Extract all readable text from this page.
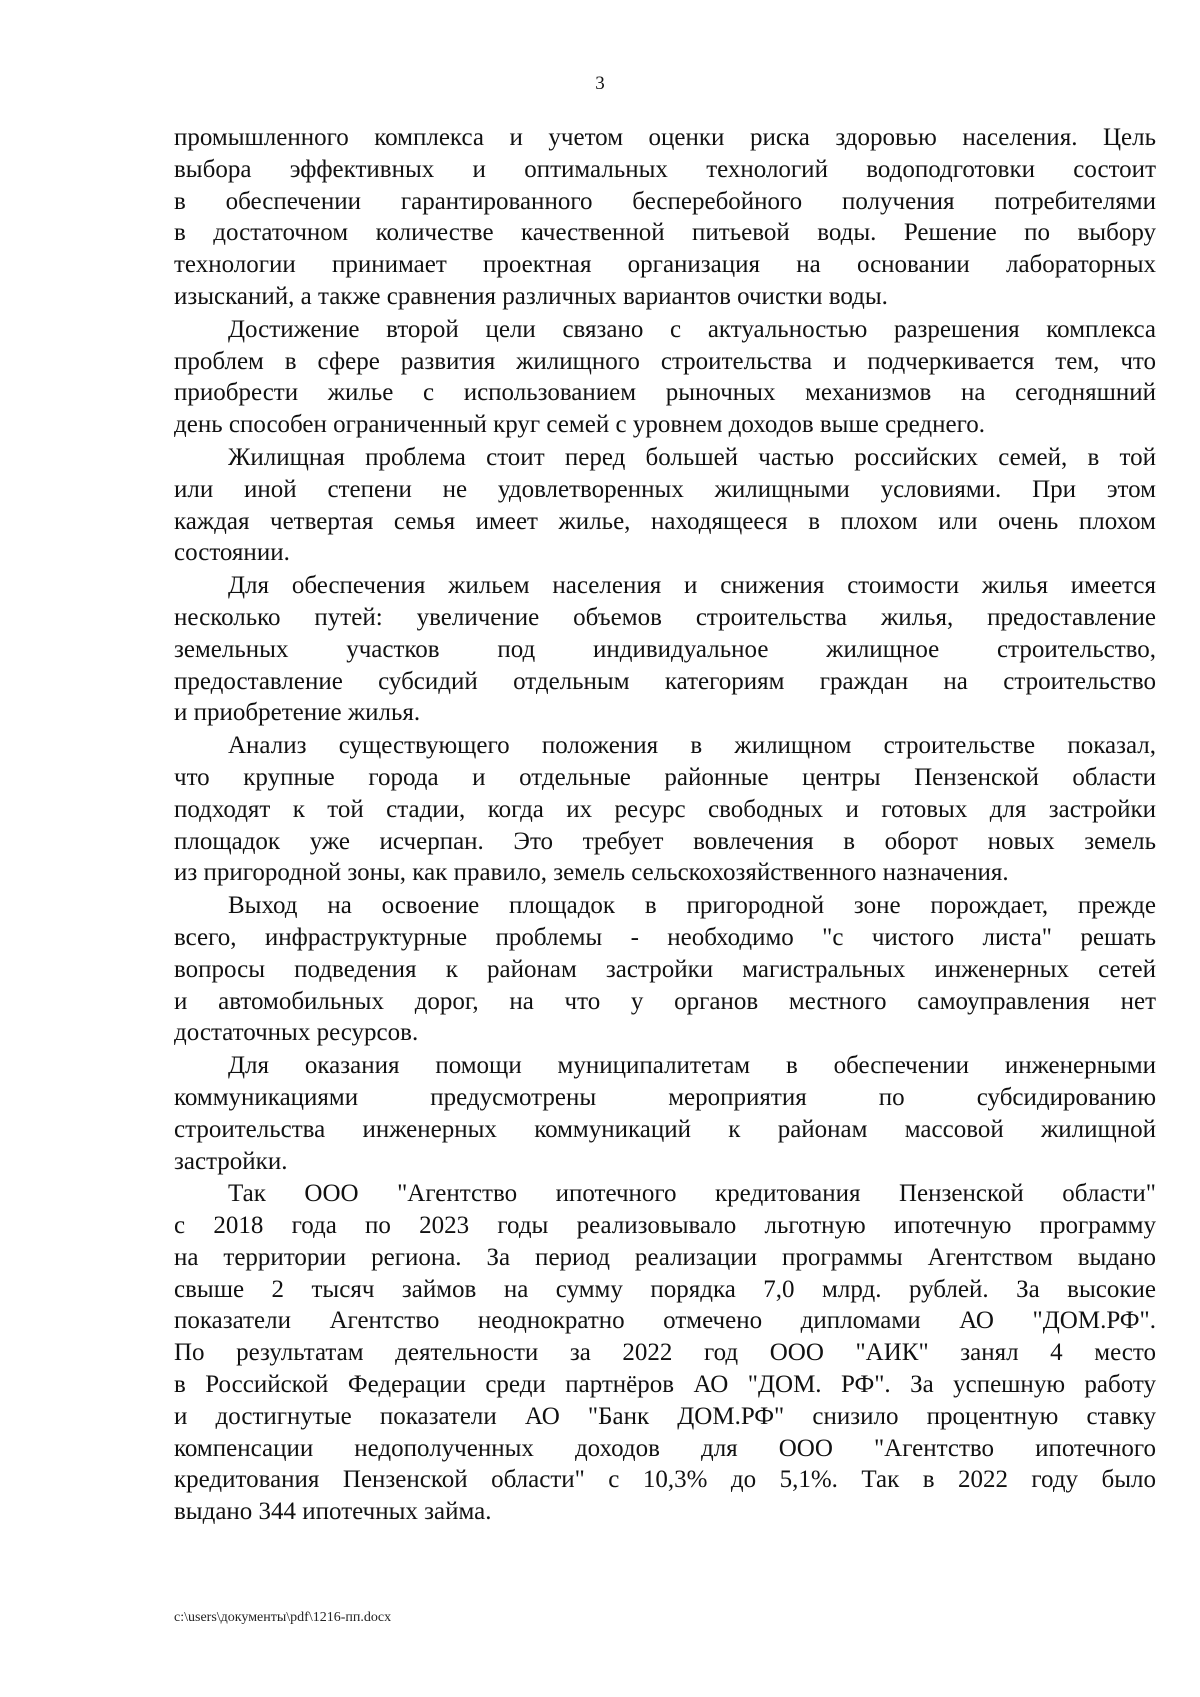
3
промышленного комплекса и учетом оценки риска здоровью населения. Цель
выбора эффективных и оптимальных технологий водоподготовки состоит
в обеспечении гарантированного бесперебойного получения потребителями
в достаточном количестве качественной питьевой воды. Решение по выбору
технологии принимает проектная организация на основании лабораторных
изысканий, а также сравнения различных вариантов очистки воды.
Достижение второй цели связано с актуальностью разрешения комплекса
проблем в сфере развития жилищного строительства и подчеркивается тем, что
приобрести жилье с использованием рыночных механизмов на сегодняшний
день способен ограниченный круг семей с уровнем доходов выше среднего.
Жилищная проблема стоит перед большей частью российских семей, в той
или иной степени не удовлетворенных жилищными условиями. При этом
каждая четвертая семья имеет жилье, находящееся в плохом или очень плохом
состоянии.
Для обеспечения жильем населения и снижения стоимости жилья имеется
несколько путей: увеличение объемов строительства жилья, предоставление
земельных участков под индивидуальное жилищное строительство,
предоставление субсидий отдельным категориям граждан на строительство
и приобретение жилья.
Анализ существующего положения в жилищном строительстве показал,
что крупные города и отдельные районные центры Пензенской области
подходят к той стадии, когда их ресурс свободных и готовых для застройки
площадок уже исчерпан. Это требует вовлечения в оборот новых земель
из пригородной зоны, как правило, земель сельскохозяйственного назначения.
Выход на освоение площадок в пригородной зоне порождает, прежде
всего, инфраструктурные проблемы - необходимо "с чистого листа" решать
вопросы подведения к районам застройки магистральных инженерных сетей
и автомобильных дорог, на что у органов местного самоуправления нет
достаточных ресурсов.
Для оказания помощи муниципалитетам в обеспечении инженерными
коммуникациями предусмотрены мероприятия по субсидированию
строительства инженерных коммуникаций к районам массовой жилищной
застройки.
Так ООО "Агентство ипотечного кредитования Пензенской области"
с 2018 года по 2023 годы реализовывало льготную ипотечную программу
на территории региона. За период реализации программы Агентством выдано
свыше 2 тысяч займов на сумму порядка 7,0 млрд. рублей. За высокие
показатели Агентство неоднократно отмечено дипломами АО "ДОМ.РФ".
По результатам деятельности за 2022 год ООО "АИК" занял 4 место
в Российской Федерации среди партнёров АО "ДОМ. РФ". За успешную работу
и достигнутые показатели АО "Банк ДОМ.РФ" снизило процентную ставку
компенсации недополученных доходов для ООО "Агентство ипотечного
кредитования Пензенской области" с 10,3% до 5,1%. Так в 2022 году было
выдано 344 ипотечных займа.
c:\users\документы\pdf\1216-пп.docx
